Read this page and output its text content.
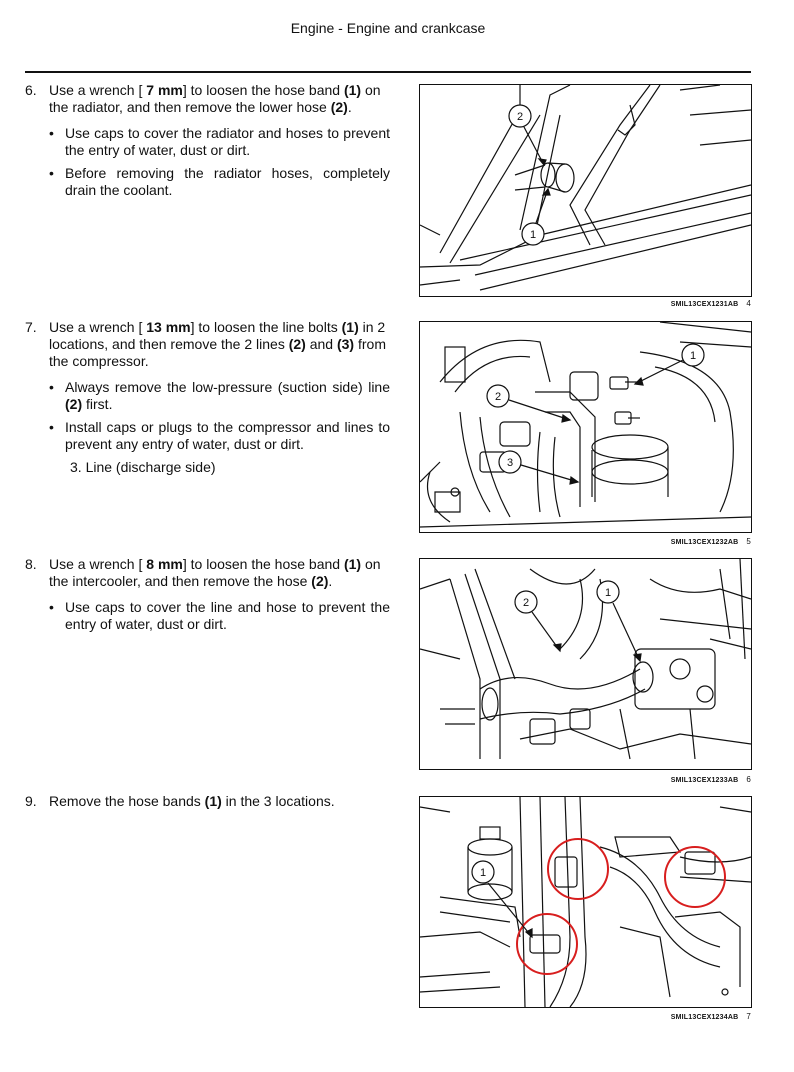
Engine - Engine and crankcase
6. Use a wrench [ 7 mm] to loosen the hose band (1) on the radiator, and then remove the lower hose (2).
• Use caps to cover the radiator and hoses to prevent the entry of water, dust or dirt.
• Before removing the radiator hoses, completely drain the coolant.
2
1
SMIL13CEX1231AB 4
7. Use a wrench [ 13 mm] to loosen the line bolts (1) in 2 locations, and then remove the 2 lines (2) and (3) from the compressor.
• Always remove the low-pressure (suction side) line (2) first.
• Install caps or plugs to the compressor and lines to prevent any entry of water, dust or dirt.
3. Line (discharge side)
1
2
3
SMIL13CEX1232AB 5
8. Use a wrench [ 8 mm] to loosen the hose band (1) on the intercooler, and then remove the hose (2).
• Use caps to cover the line and hose to prevent the entry of water, dust or dirt.
2
1
SMIL13CEX1233AB 6
9. Remove the hose bands (1) in the 3 locations.
1
SMIL13CEX1234AB 7
